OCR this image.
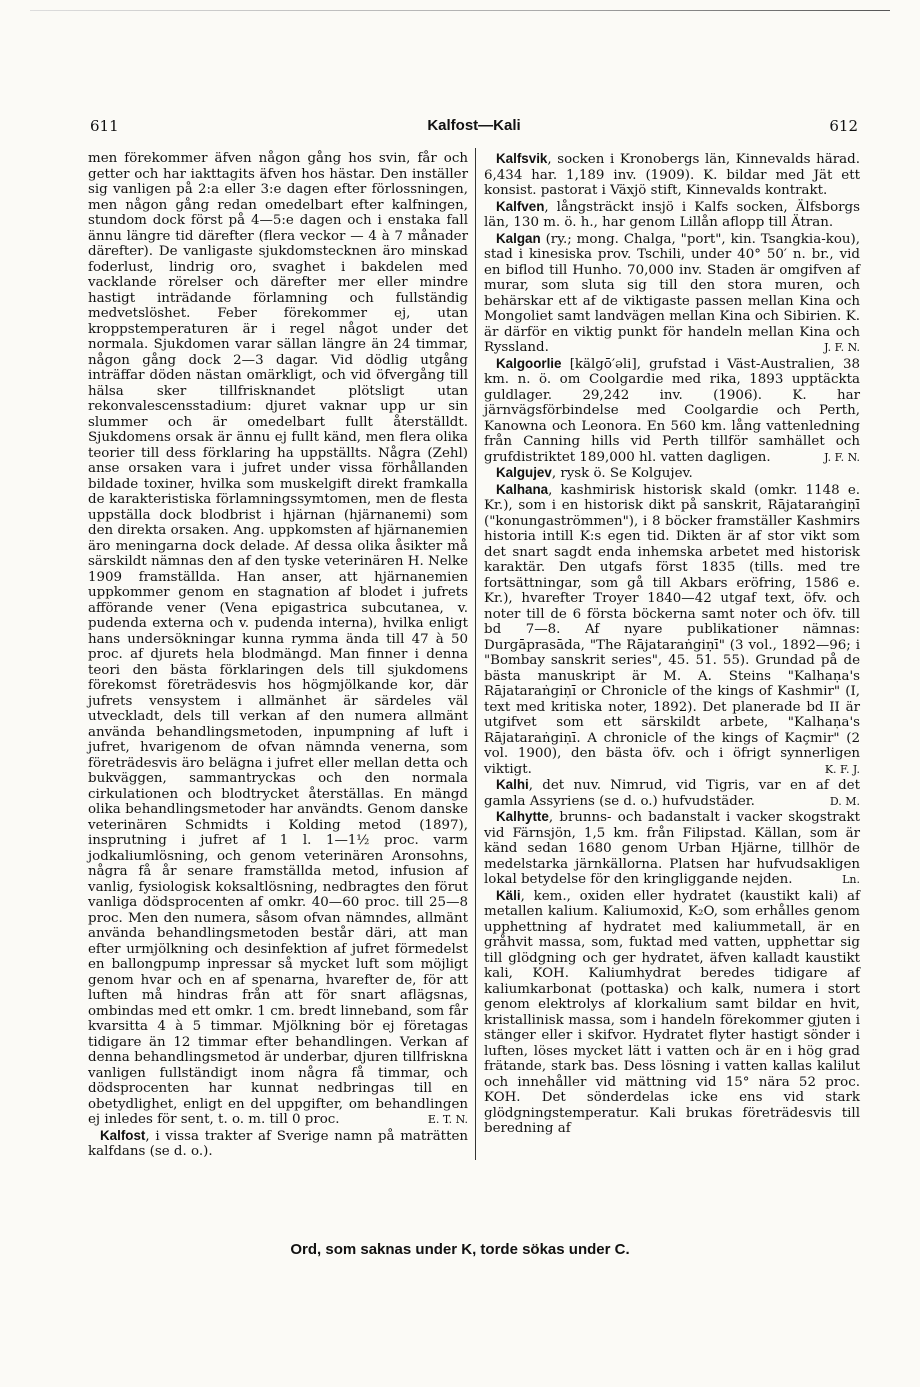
611	Kalfost—Kali	612

men förekommer äfven någon gång hos svin, får och getter och har iakttagits äfven hos hästar. Den inställer sig vanligen på 2:a eller 3:e dagen efter förlossningen, men någon gång redan omedelbart efter kalfningen, stundom dock först på 4—5:e dagen och i enstaka fall ännu längre tid därefter (flera veckor — 4 à 7 månader därefter). De vanligaste sjukdomstecknen äro minskad foderlust, lindrig oro, svaghet i bakdelen med vacklande rörelser och därefter mer eller mindre hastigt inträdande förlamning och fullständig medvetslöshet. Feber förekommer ej, utan kroppstemperaturen är i regel något under det normala. Sjukdomen varar sällan längre än 24 timmar, någon gång dock 2—3 dagar. Vid dödlig utgång inträffar döden nästan omärkligt, och vid öfvergång till hälsa sker tillfrisknandet plötsligt utan rekonvalescensstadium: djuret vaknar upp ur sin slummer och är omedelbart fullt återställdt. Sjukdomens orsak är ännu ej fullt känd, men flera olika teorier till dess förklaring ha uppställts. Några (Zehl) anse orsaken vara i jufret under vissa förhållanden bildade toxiner, hvilka som muskelgift direkt framkalla de karakteristiska förlamningssymtomen, men de flesta uppställa dock blodbrist i hjärnan (hjärnanemi) som den direkta orsaken. Ang. uppkomsten af hjärnanemien äro meningarna dock delade. Af dessa olika åsikter må särskildt nämnas den af den tyske veterinären H. Nelke 1909 framställda. Han anser, att hjärnanemien uppkommer genom en stagnation af blodet i jufrets afförande vener (Vena epigastrica subcutanea, v. pudenda externa och v. pudenda interna), hvilka enligt hans undersökningar kunna rymma ända till 47 à 50 proc. af djurets hela blodmängd. Man finner i denna teori den bästa förklaringen dels till sjukdomens förekomst företrädesvis hos högmjölkande kor, där jufrets vensystem i allmänhet är särdeles väl utveckladt, dels till verkan af den numera allmänt använda behandlingsmetoden, inpumpning af luft i jufret, hvarigenom de ofvan nämnda venerna, som företrädesvis äro belägna i jufret eller mellan detta och bukväggen, sammantryckas och den normala cirkulationen och blodtrycket återställas. En mängd olika behandlingsmetoder har användts. Genom danske veterinären Schmidts i Kolding metod (1897), insprutning i jufret af 1 l. 1—1½ proc. varm jodkaliumlösning, och genom veterinären Aronsohns, några få år senare framställda metod, infusion af vanlig, fysiologisk koksaltlösning, nedbragtes den förut vanliga dödsprocenten af omkr. 40—60 proc. till 25—8 proc. Men den numera, såsom ofvan nämndes, allmänt använda behandlingsmetoden består däri, att man efter urmjölkning och desinfektion af jufret förmedelst en ballongpump inpressar så mycket luft som möjligt genom hvar och en af spenarna, hvarefter de, för att luften må hindras från att för snart aflägsnas, ombindas med ett omkr. 1 cm. bredt linneband, som får kvarsitta 4 à 5 timmar. Mjölkning bör ej företagas tidigare än 12 timmar efter behandlingen. Verkan af denna behandlingsmetod är underbar, djuren tillfriskna vanligen fullständigt inom några få timmar, och dödsprocenten har kunnat nedbringas till en obetydlighet, enligt en del uppgifter, om behandlingen ej inledes för sent, t. o. m. till 0 proc.	E. T. N.

Kalfost, i vissa trakter af Sverige namn på maträtten kalfdans (se d. o.).

Kalfsvik, socken i Kronobergs län, Kinnevalds härad. 6,434 har. 1,189 inv. (1909). K. bildar med Jät ett konsist. pastorat i Växjö stift, Kinnevalds kontrakt.

Kalfven, långsträckt insjö i Kalfs socken, Älfsborgs län, 130 m. ö. h., har genom Lillån aflopp till Ätran.

Kalgan (ry.; mong. Chalga, "port", kin. Tsangkia-kou), stad i kinesiska prov. Tschili, under 40° 50′ n. br., vid en biflod till Hunho. 70,000 inv. Staden är omgifven af murar, som sluta sig till den stora muren, och behärskar ett af de viktigaste passen mellan Kina och Mongoliet samt landvägen mellan Kina och Sibirien. K. är därför en viktig punkt för handeln mellan Kina och Ryssland.	J. F. N.

Kalgoorlie [kälgō′əli], grufstad i Väst-Australien, 38 km. n. ö. om Coolgardie med rika, 1893 upptäckta guldlager. 29,242 inv. (1906). K. har järnvägsförbindelse med Coolgardie och Perth, Kanowna och Leonora. En 560 km. lång vattenledning från Canning hills vid Perth tillför samhället och grufdistriktet 189,000 hl. vatten dagligen.	J. F. N.

Kalgujev, rysk ö. Se Kolgujev.

Kalhana, kashmirisk historisk skald (omkr. 1148 e. Kr.), som i en historisk dikt på sanskrit, Rājataraṅgiṇī ("konungaströmmen"), i 8 böcker framställer Kashmirs historia intill K:s egen tid. Dikten är af stor vikt som det snart sagdt enda inhemska arbetet med historisk karaktär. Den utgafs först 1835 (tills. med tre fortsättningar, som gå till Akbars eröfring, 1586 e. Kr.), hvarefter Troyer 1840—42 utgaf text, öfv. och noter till de 6 första böckerna samt noter och öfv. till bd 7—8. Af nyare publikationer nämnas: Durgāprasāda, "The Rājataraṅgiṇī" (3 vol., 1892—96; i "Bombay sanskrit series", 45. 51. 55). Grundad på de bästa manuskript är M. A. Steins "Kalhaṇa's Rājataraṅgiṇī or Chronicle of the kings of Kashmir" (I, text med kritiska noter, 1892). Det planerade bd II är utgifvet som ett särskildt arbete, "Kalhaṇa's Rājataraṅgiṇī. A chronicle of the kings of Kaçmir" (2 vol. 1900), den bästa öfv. och i öfrigt synnerligen viktigt.	K. F. J.

Kalhi, det nuv. Nimrud, vid Tigris, var en af det gamla Assyriens (se d. o.) hufvudstäder.	D. M.

Kalhytte, brunns- och badanstalt i vacker skogstrakt vid Färnsjön, 1,5 km. från Filipstad. Källan, som är känd sedan 1680 genom Urban Hjärne, tillhör de medelstarka järnkällorna. Platsen har hufvudsakligen lokal betydelse för den kringliggande nejden.	Ln.

Käli, kem., oxiden eller hydratet (kaustikt kali) af metallen kalium. Kaliumoxid, K₂O, som erhålles genom upphettning af hydratet med kaliummetall, är en gråhvit massa, som, fuktad med vatten, upphettar sig till glödgning och ger hydratet, äfven kalladt kaustikt kali, KOH. Kaliumhydrat beredes tidigare af kaliumkarbonat (pottaska) och kalk, numera i stort genom elektrolys af klorkalium samt bildar en hvit, kristallinisk massa, som i handeln förekommer gjuten i stänger eller i skifvor. Hydratet flyter hastigt sönder i luften, löses mycket lätt i vatten och är en i hög grad frätande, stark bas. Dess lösning i vatten kallas kalilut och innehåller vid mättning vid 15° nära 52 proc. KOH. Det sönderdelas icke ens vid stark glödgningstemperatur. Kali brukas företrädesvis till beredning af

Ord, som saknas under K, torde sökas under C.
